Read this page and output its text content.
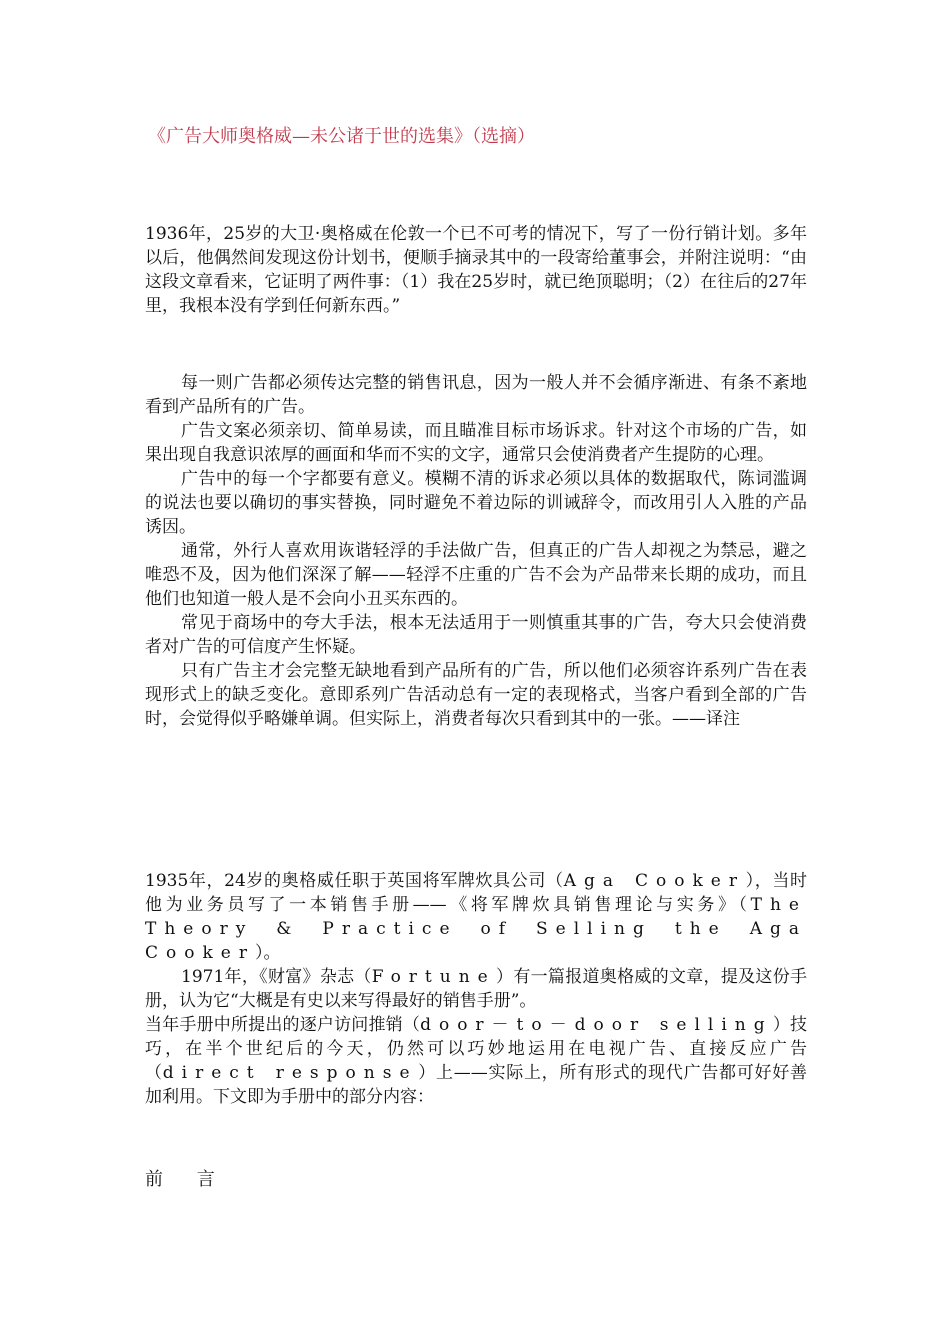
《广告大师奥格威—未公诸于世的选集》（选摘）

1936年，25岁的大卫·奥格威在伦敦一个已不可考的情况下，写了一份行销计划。多年以后，他偶然间发现这份计划书，便顺手摘录其中的一段寄给董事会，并附注说明：“由这段文章看来，它证明了两件事：（1）我在25岁时，就已绝顶聪明；（2）在往后的27年里，我根本没有学到任何新东西。”

每一则广告都必须传达完整的销售讯息，因为一般人并不会循序渐进、有条不紊地看到产品所有的广告。

广告文案必须亲切、简单易读，而且瞄准目标市场诉求。针对这个市场的广告，如果出现自我意识浓厚的画面和华而不实的文字，通常只会使消费者产生提防的心理。

广告中的每一个字都要有意义。模糊不清的诉求必须以具体的数据取代，陈词滥调的说法也要以确切的事实替换，同时避免不着边际的训诫辞令，而改用引人入胜的产品诱因。

通常，外行人喜欢用诙谐轻浮的手法做广告，但真正的广告人却视之为禁忌，避之唯恐不及，因为他们深深了解——轻浮不庄重的广告不会为产品带来长期的成功，而且他们也知道一般人是不会向小丑买东西的。

常见于商场中的夸大手法，根本无法适用于一则慎重其事的广告，夸大只会使消费者对广告的可信度产生怀疑。

只有广告主才会完整无缺地看到产品所有的广告，所以他们必须容许系列广告在表现形式上的缺乏变化。意即系列广告活动总有一定的表现格式，当客户看到全部的广告时，会觉得似乎略嫌单调。但实际上，消费者每次只看到其中的一张。——译注

1935年，24岁的奥格威任职于英国将军牌炊具公司（Aga Cooker），当时他为业务员写了一本销售手册——《将军牌炊具销售理论与实务》（The Theory & Practice of Selling the Aga Cooker）。

1971年，《财富》杂志（Fortune）有一篇报道奥格威的文章，提及这份手册，认为它“大概是有史以来写得最好的销售手册”。

当年手册中所提出的逐户访问推销（door－to－door selling）技巧，在半个世纪后的今天，仍然可以巧妙地运用在电视广告、直接反应广告（direct response）上——实际上，所有形式的现代广告都可好好善加利用。下文即为手册中的部分内容：

前 言
